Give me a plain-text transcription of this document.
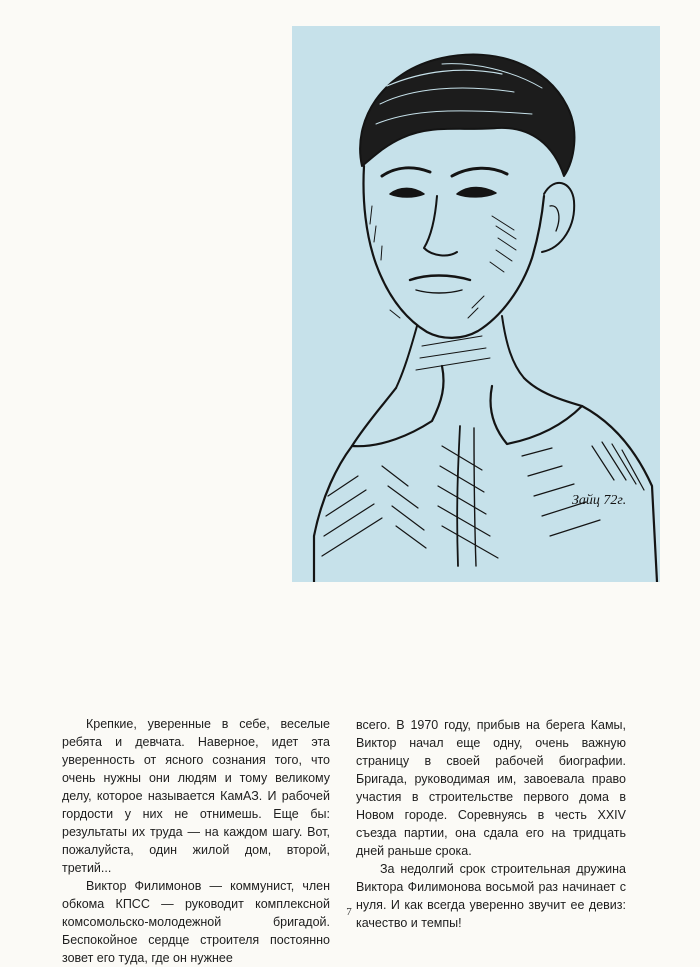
Зайц 72г.

Крепкие, уверенные в себе, веселые ребята и девчата. Наверное, идет эта уверенность от ясного сознания того, что очень нужны они людям и тому великому делу, которое называется КамАЗ. И рабочей гордости у них не отнимешь. Еще бы: результаты их труда — на каждом шагу. Вот, пожалуйста, один жилой дом, второй, третий...

Виктор Филимонов — коммунист, член обкома КПСС — руководит комплексной комсомольско-молодежной бригадой. Беспокойное сердце строителя постоянно зовет его туда, где он нужнее

всего. В 1970 году, прибыв на берега Камы, Виктор начал еще одну, очень важную страницу в своей рабочей биографии. Бригада, руководимая им, завоевала право участия в строительстве первого дома в Новом городе. Соревнуясь в честь XXIV съезда партии, она сдала его на тридцать дней раньше срока.

За недолгий срок строительная дружина Виктора Филимонова восьмой раз начинает с нуля. И как всегда уверенно звучит ее девиз: качество и темпы!

7
